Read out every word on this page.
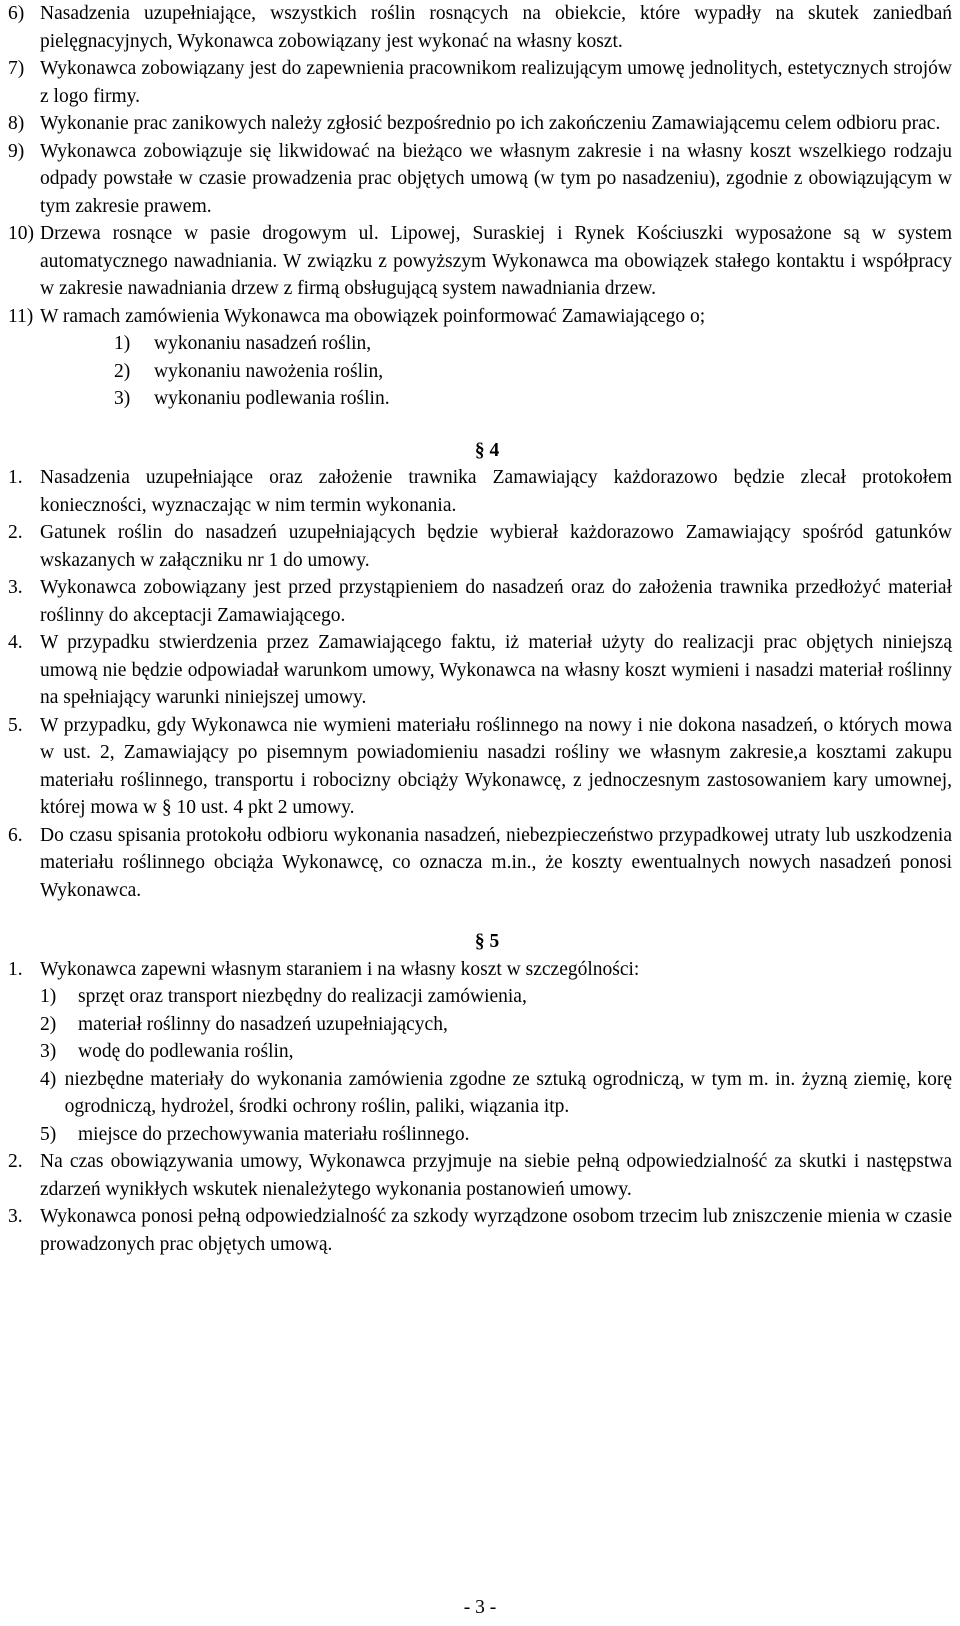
6) Nasadzenia uzupełniające, wszystkich roślin rosnących na obiekcie, które wypadły na skutek zaniedbań pielęgnacyjnych, Wykonawca zobowiązany jest wykonać na własny koszt.
7) Wykonawca zobowiązany jest do zapewnienia pracownikom realizującym umowę jednolitych, estetycznych strojów z logo firmy.
8) Wykonanie prac zanikowych należy zgłosić bezpośrednio po ich zakończeniu Zamawiającemu celem odbioru prac.
9) Wykonawca zobowiązuje się likwidować na bieżąco we własnym zakresie i na własny koszt wszelkiego rodzaju odpady powstałe w czasie prowadzenia prac objętych umową (w tym po nasadzeniu), zgodnie z obowiązującym w tym zakresie prawem.
10) Drzewa rosnące w pasie drogowym ul. Lipowej, Suraskiej i Rynek Kościuszki wyposażone są w system automatycznego nawadniania. W związku z powyższym Wykonawca ma obowiązek stałego kontaktu i współpracy w zakresie nawadniania drzew z firmą obsługującą system nawadniania drzew.
11) W ramach zamówienia Wykonawca ma obowiązek poinformować Zamawiającego o;
1)	wykonaniu nasadzeń roślin,
2)	wykonaniu nawożenia roślin,
3)	wykonaniu podlewania roślin.
§ 4
1. Nasadzenia uzupełniające oraz założenie trawnika Zamawiający każdorazowo będzie zlecał protokołem konieczności, wyznaczając w nim termin wykonania.
2. Gatunek roślin do nasadzeń uzupełniających będzie wybierał każdorazowo Zamawiający spośród gatunków wskazanych w załączniku nr 1 do umowy.
3. Wykonawca zobowiązany jest przed przystąpieniem do nasadzeń oraz do założenia trawnika przedłożyć materiał roślinny do akceptacji Zamawiającego.
4. W przypadku stwierdzenia przez Zamawiającego faktu, iż materiał użyty do realizacji prac objętych niniejszą umową nie będzie odpowiadał warunkom umowy, Wykonawca na własny koszt wymieni i nasadzi materiał roślinny na spełniający warunki niniejszej umowy.
5. W przypadku, gdy Wykonawca nie wymieni materiału roślinnego na nowy i nie dokona nasadzeń, o których mowa w ust. 2, Zamawiający po pisemnym powiadomieniu nasadzi rośliny we własnym zakresie,a kosztami zakupu materiału roślinnego, transportu i robocizny obciąży Wykonawcę, z jednoczesnym zastosowaniem kary umownej, której mowa w § 10 ust. 4 pkt 2 umowy.
6. Do czasu spisania protokołu odbioru wykonania nasadzeń, niebezpieczeństwo przypadkowej utraty lub uszkodzenia materiału roślinnego obciąża Wykonawcę, co oznacza m.in., że koszty ewentualnych nowych nasadzeń ponosi Wykonawca.
§ 5
1. Wykonawca zapewni własnym staraniem i na własny koszt w szczególności:
1)	sprzęt oraz transport niezbędny do realizacji zamówienia,
2)	materiał roślinny do nasadzeń uzupełniających,
3)	wodę do podlewania roślin,
4) niezbędne materiały do wykonania zamówienia zgodne ze sztuką ogrodniczą, w tym m. in. żyzną ziemię, korę ogrodniczą, hydrożel, środki ochrony roślin, paliki, wiązania itp.
5)	miejsce do przechowywania materiału roślinnego.
2. Na czas obowiązywania umowy, Wykonawca przyjmuje na siebie pełną odpowiedzialność za skutki i następstwa zdarzeń wynikłych wskutek nienależytego wykonania postanowień umowy.
3. Wykonawca ponosi pełną odpowiedzialność za szkody wyrządzone osobom trzecim lub zniszczenie mienia w czasie prowadzonych prac objętych umową.
- 3 -
